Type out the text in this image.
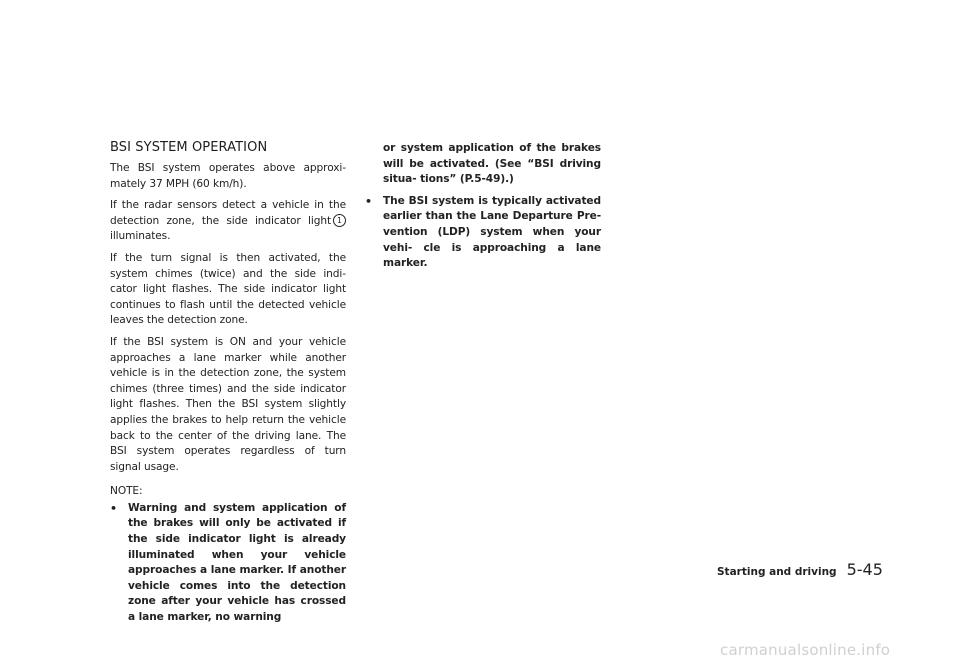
BSI SYSTEM OPERATION

The BSI system operates above approxi- mately 37 MPH (60 km/h).

If the radar sensors detect a vehicle in the detection zone, the side indicator light 1 illuminates.

If the turn signal is then activated, the system chimes (twice) and the side indi- cator light flashes. The side indicator light continues to flash until the detected vehicle leaves the detection zone.

If the BSI system is ON and your vehicle approaches a lane marker while another vehicle is in the detection zone, the system chimes (three times) and the side indicator light flashes. Then the BSI system slightly applies the brakes to help return the vehicle back to the center of the driving lane. The BSI system operates regardless of turn signal usage.

NOTE:
•	Warning and system application of the brakes will only be activated if the side indicator light is already illuminated when your vehicle approaches a lane marker. If another vehicle comes into the detection zone after your vehicle has crossed a lane marker, no warning
or system application of the brakes will be activated. (See “BSI driving situa- tions” (P.5-49).)
•	The BSI system is typically activated earlier than the Lane Departure Pre- vention (LDP) system when your vehi- cle is approaching a lane marker.
Starting and driving 5-45
carmanualsonline.info
